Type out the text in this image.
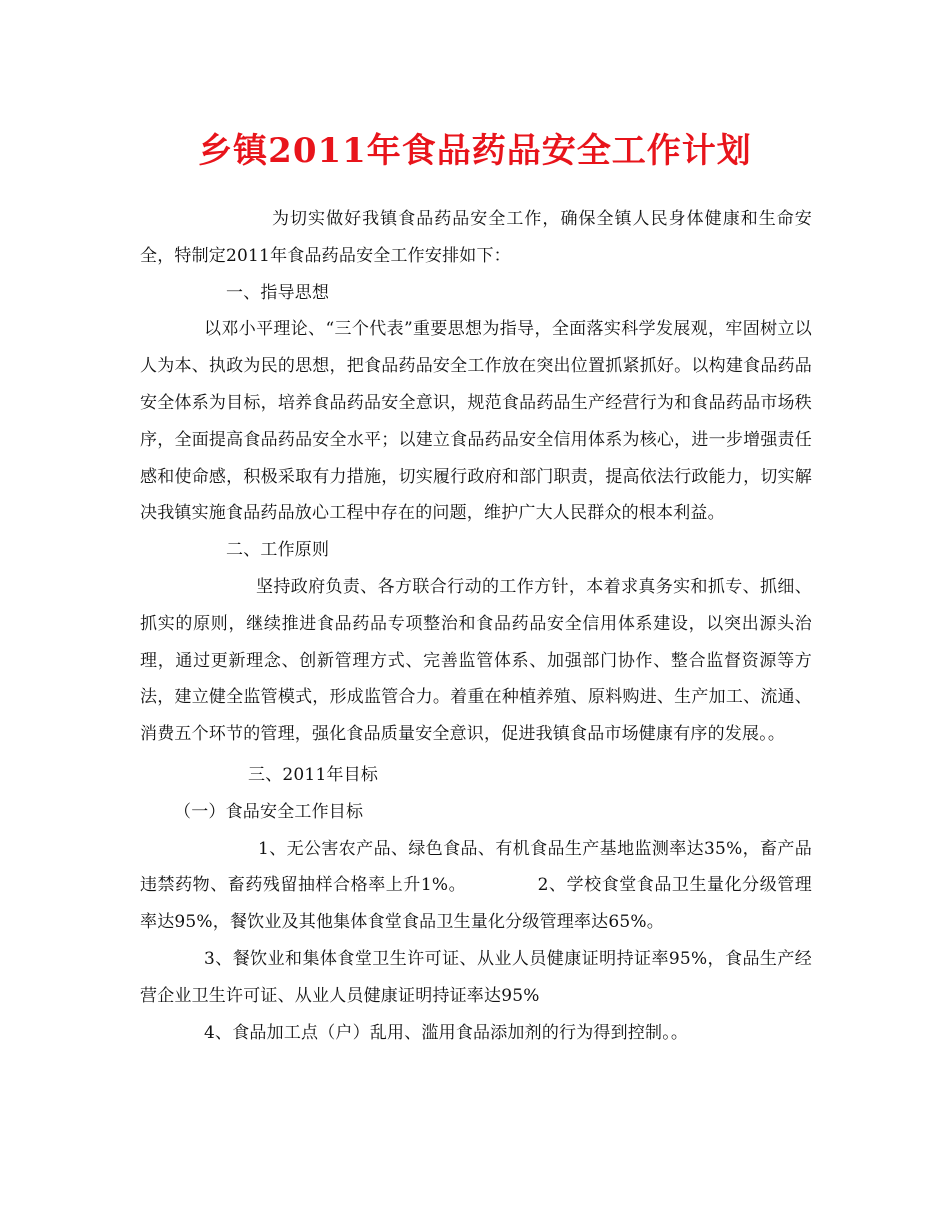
乡镇2011年食品药品安全工作计划

为切实做好我镇食品药品安全工作，确保全镇人民身体健康和生命安全，特制定2011年食品药品安全工作安排如下：

一、指导思想

以邓小平理论、“三个代表”重要思想为指导，全面落实科学发展观，牢固树立以人为本、执政为民的思想，把食品药品安全工作放在突出位置抓紧抓好。以构建食品药品安全体系为目标，培养食品药品安全意识，规范食品药品生产经营行为和食品药品市场秩序，全面提高食品药品安全水平；以建立食品药品安全信用体系为核心，进一步增强责任感和使命感，积极采取有力措施，切实履行政府和部门职责，提高依法行政能力，切实解决我镇实施食品药品放心工程中存在的问题，维护广大人民群众的根本利益。

二、工作原则

坚持政府负责、各方联合行动的工作方针，本着求真务实和抓专、抓细、抓实的原则，继续推进食品药品专项整治和食品药品安全信用体系建设，以突出源头治理，通过更新理念、创新管理方式、完善监管体系、加强部门协作、整合监督资源等方法，建立健全监管模式，形成监管合力。着重在种植养殖、原料购进、生产加工、流通、消费五个环节的管理，强化食品质量安全意识，促进我镇食品市场健康有序的发展。。

三、2011年目标

（一）食品安全工作目标

1、无公害农产品、绿色食品、有机食品生产基地监测率达35%，畜产品违禁药物、畜药残留抽样合格率上升1%。            2、学校食堂食品卫生量化分级管理率达95%，餐饮业及其他集体食堂食品卫生量化分级管理率达65%。

3、餐饮业和集体食堂卫生许可证、从业人员健康证明持证率95%，食品生产经营企业卫生许可证、从业人员健康证明持证率达95%

4、食品加工点（户）乱用、滥用食品添加剂的行为得到控制。。
